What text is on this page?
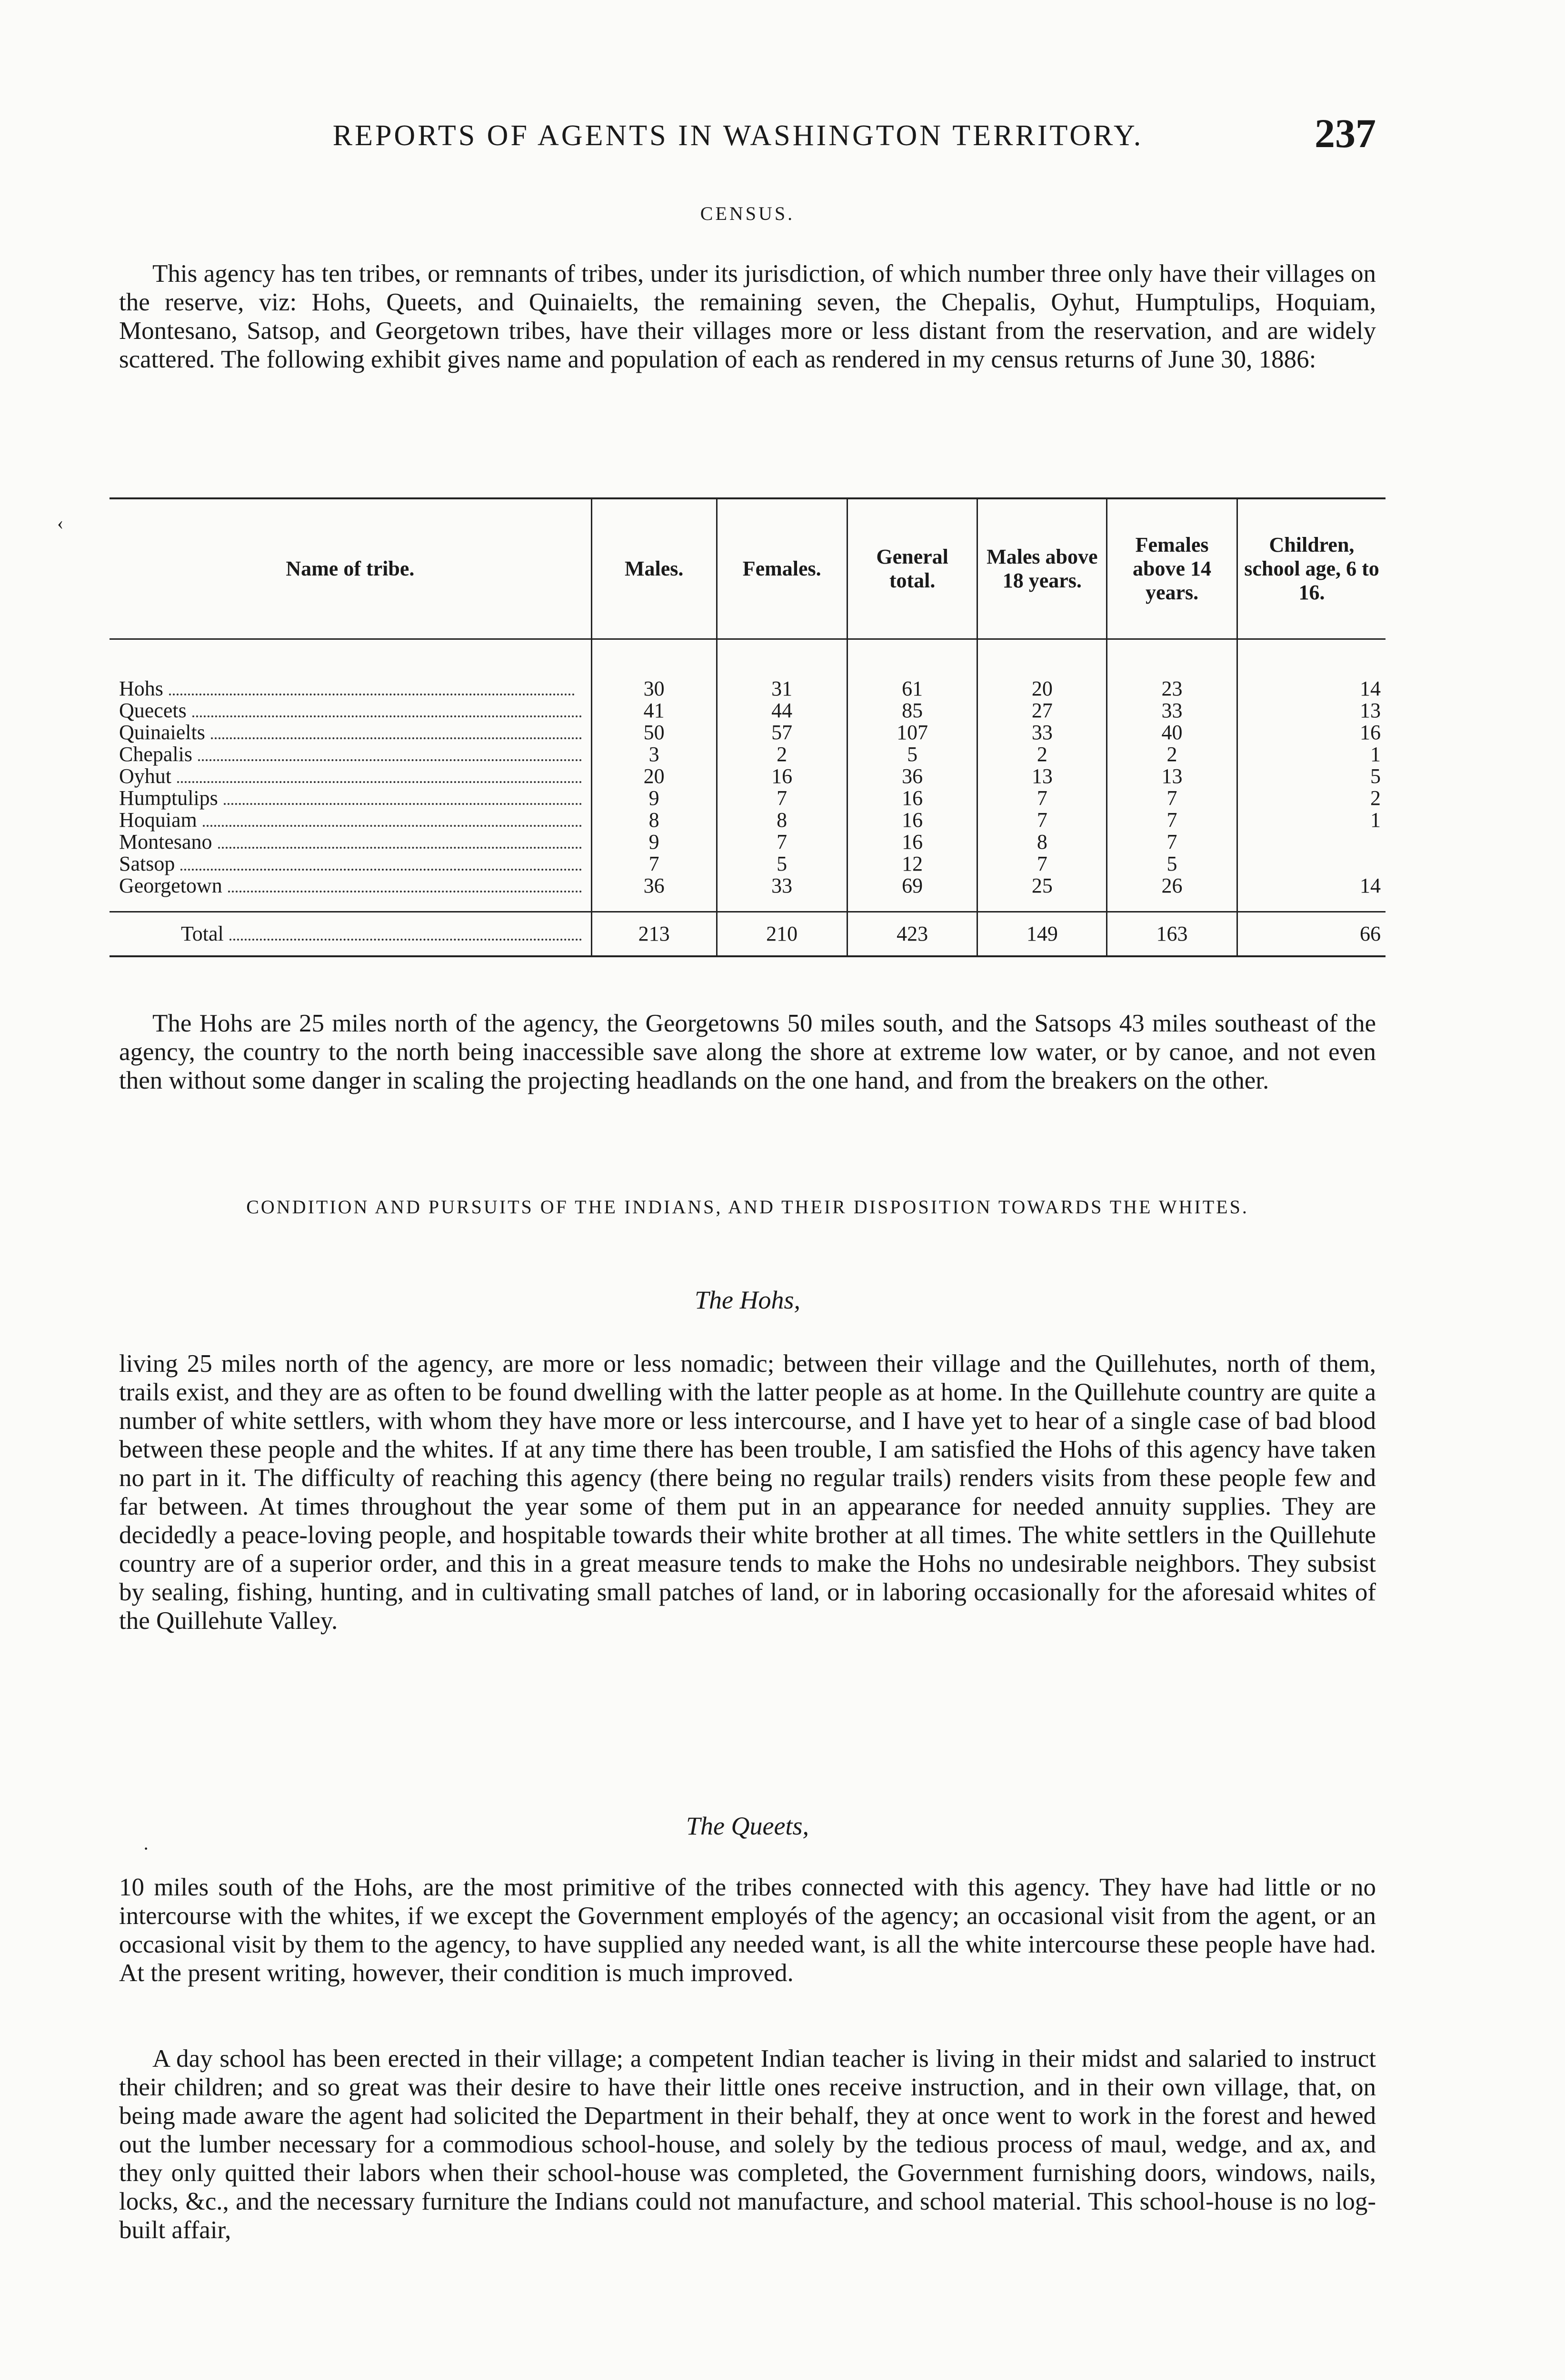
REPORTS OF AGENTS IN WASHINGTON TERRITORY.	237
CENSUS.

This agency has ten tribes, or remnants of tribes, under its jurisdiction, of which number three only have their villages on the reserve, viz: Hohs, Queets, and Quinaielts, the remaining seven, the Chepalis, Oyhut, Humptulips, Hoquiam, Montesano, Satsop, and Georgetown tribes, have their villages more or less distant from the reservation, and are widely scattered. The following exhibit gives name and population of each as rendered in my census returns of June 30, 1886:

‹
Name of tribe.	Males.	Females.	General total.	Males above 18 years.	Females above 14 years.	Children, school age, 6 to 16.
Hohs	30	31	61	20	23	14
Quecets	41	44	85	27	33	13
Quinaielts	50	57	107	33	40	16
Chepalis	3	2	5	2	2	1
Oyhut	20	16	36	13	13	5
Humptulips	9	7	16	7	7	2
Hoquiam	8	8	16	7	7	1
Montesano	9	7	16	8	7	
Satsop	7	5	12	7	5	
Georgetown	36	33	69	25	26	14
Total	213	210	423	149	163	66

The Hohs are 25 miles north of the agency, the Georgetowns 50 miles south, and the Satsops 43 miles southeast of the agency, the country to the north being inaccessible save along the shore at extreme low water, or by canoe, and not even then without some danger in scaling the projecting headlands on the one hand, and from the breakers on the other.

CONDITION AND PURSUITS OF THE INDIANS, AND THEIR DISPOSITION TOWARDS THE WHITES.
The Hohs,

living 25 miles north of the agency, are more or less nomadic; between their village and the Quillehutes, north of them, trails exist, and they are as often to be found dwelling with the latter people as at home. In the Quillehute country are quite a number of white settlers, with whom they have more or less intercourse, and I have yet to hear of a single case of bad blood between these people and the whites. If at any time there has been trouble, I am satisfied the Hohs of this agency have taken no part in it. The difficulty of reaching this agency (there being no regular trails) renders visits from these people few and far between. At times throughout the year some of them put in an appearance for needed annuity supplies. They are decidedly a peace-loving people, and hospitable towards their white brother at all times. The white settlers in the Quillehute country are of a superior order, and this in a great measure tends to make the Hohs no undesirable neighbors. They subsist by sealing, fishing, hunting, and in cultivating small patches of land, or in laboring occasionally for the aforesaid whites of the Quillehute Valley.

The Queets,
·

10 miles south of the Hohs, are the most primitive of the tribes connected with this agency. They have had little or no intercourse with the whites, if we except the Government employés of the agency; an occasional visit from the agent, or an occasional visit by them to the agency, to have supplied any needed want, is all the white intercourse these people have had. At the present writing, however, their condition is much improved.

A day school has been erected in their village; a competent Indian teacher is living in their midst and salaried to instruct their children; and so great was their desire to have their little ones receive instruction, and in their own village, that, on being made aware the agent had solicited the Department in their behalf, they at once went to work in the forest and hewed out the lumber necessary for a commodious school-house, and solely by the tedious process of maul, wedge, and ax, and they only quitted their labors when their school-house was completed, the Government furnishing doors, windows, nails, locks, &c., and the necessary furniture the Indians could not manufacture, and school material. This school-house is no log-built affair,
